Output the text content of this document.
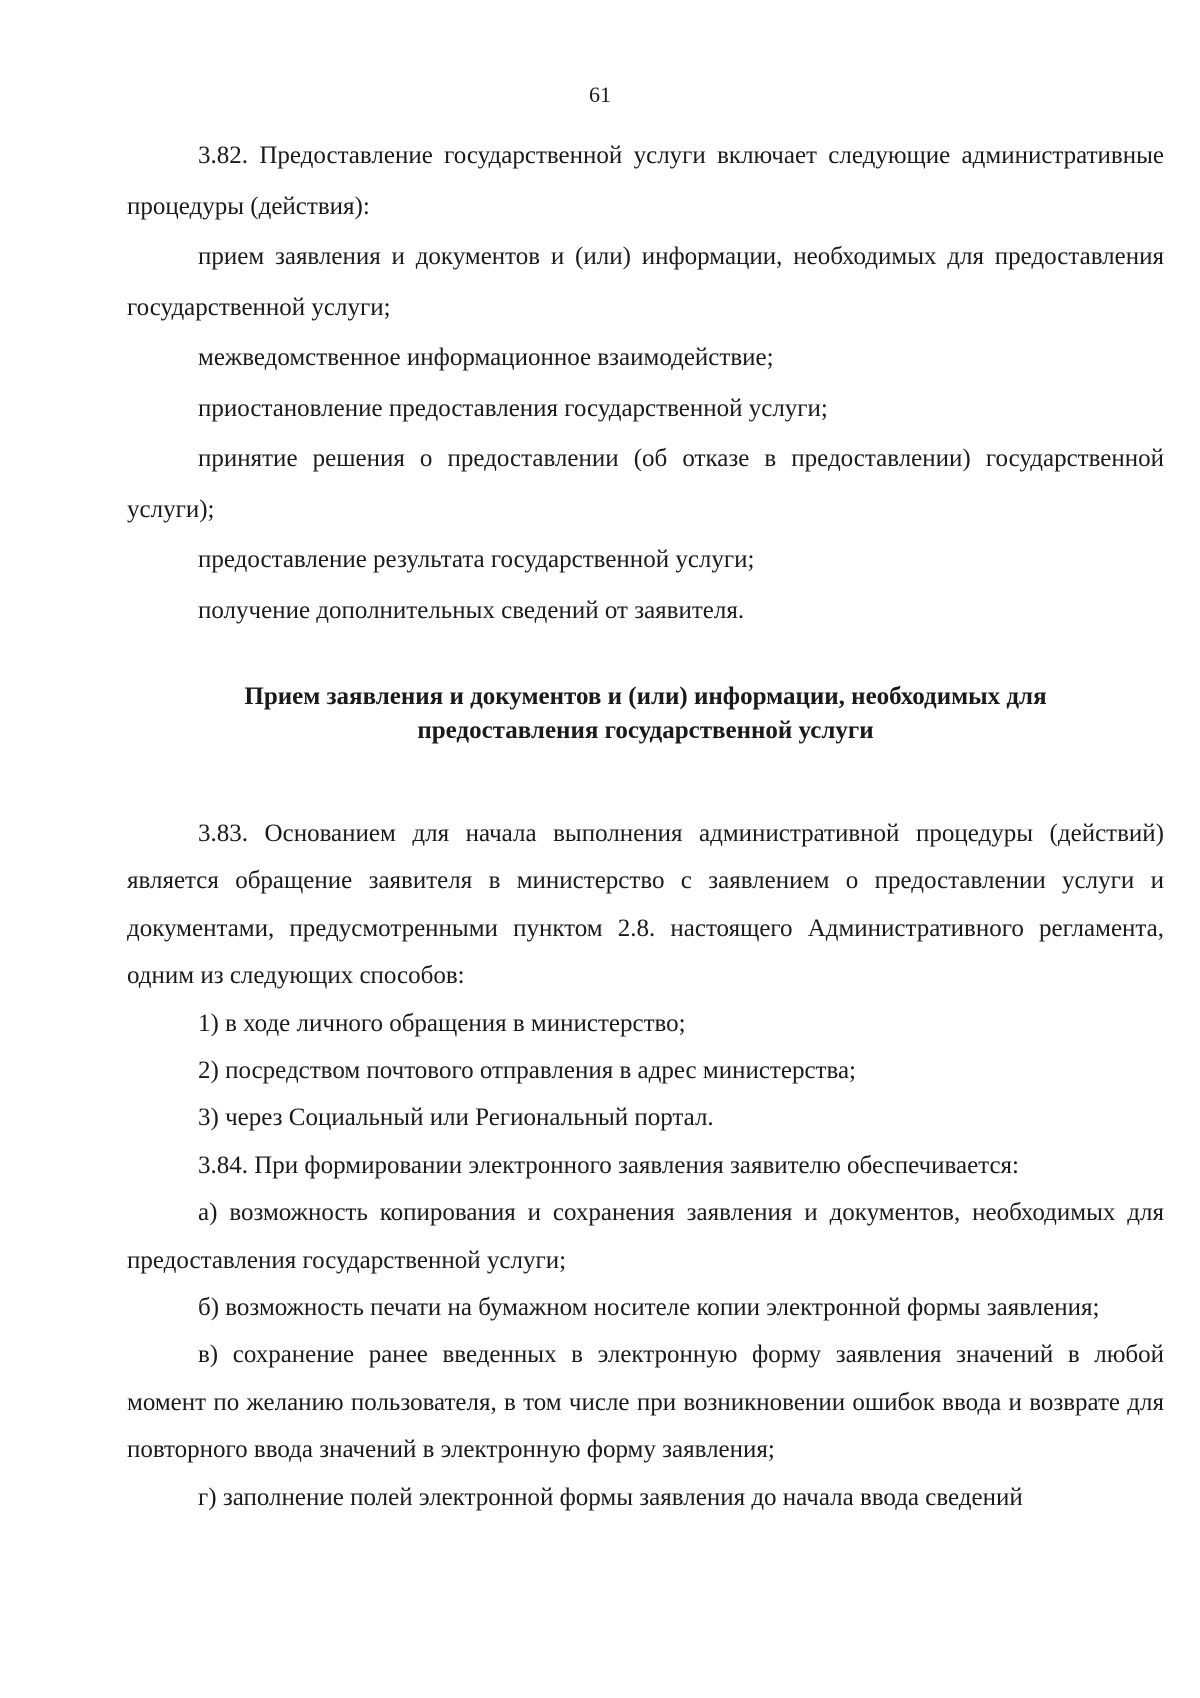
61

3.82. Предоставление государственной услуги включает следующие административные процедуры (действия):

прием заявления и документов и (или) информации, необходимых для предоставления государственной услуги;

межведомственное информационное взаимодействие;

приостановление предоставления государственной услуги;

принятие решения о предоставлении (об отказе в предоставлении) государственной услуги);

предоставление результата государственной услуги;

получение дополнительных сведений от заявителя.

Прием заявления и документов и (или) информации, необходимых для
предоставления государственной услуги

3.83. Основанием для начала выполнения административной процедуры (действий) является обращение заявителя в министерство с заявлением о предоставлении услуги и документами, предусмотренными пунктом 2.8. настоящего Административного регламента, одним из следующих способов:

1) в ходе личного обращения в министерство;

2) посредством почтового отправления в адрес министерства;

3) через Социальный или Региональный портал.

3.84. При формировании электронного заявления заявителю обеспечивается:

а) возможность копирования и сохранения заявления и документов, необходимых для предоставления государственной услуги;

б) возможность печати на бумажном носителе копии электронной формы заявления;

в) сохранение ранее введенных в электронную форму заявления значений в любой момент по желанию пользователя, в том числе при возникновении ошибок ввода и возврате для повторного ввода значений в электронную форму заявления;

г) заполнение полей электронной формы заявления до начала ввода сведений
